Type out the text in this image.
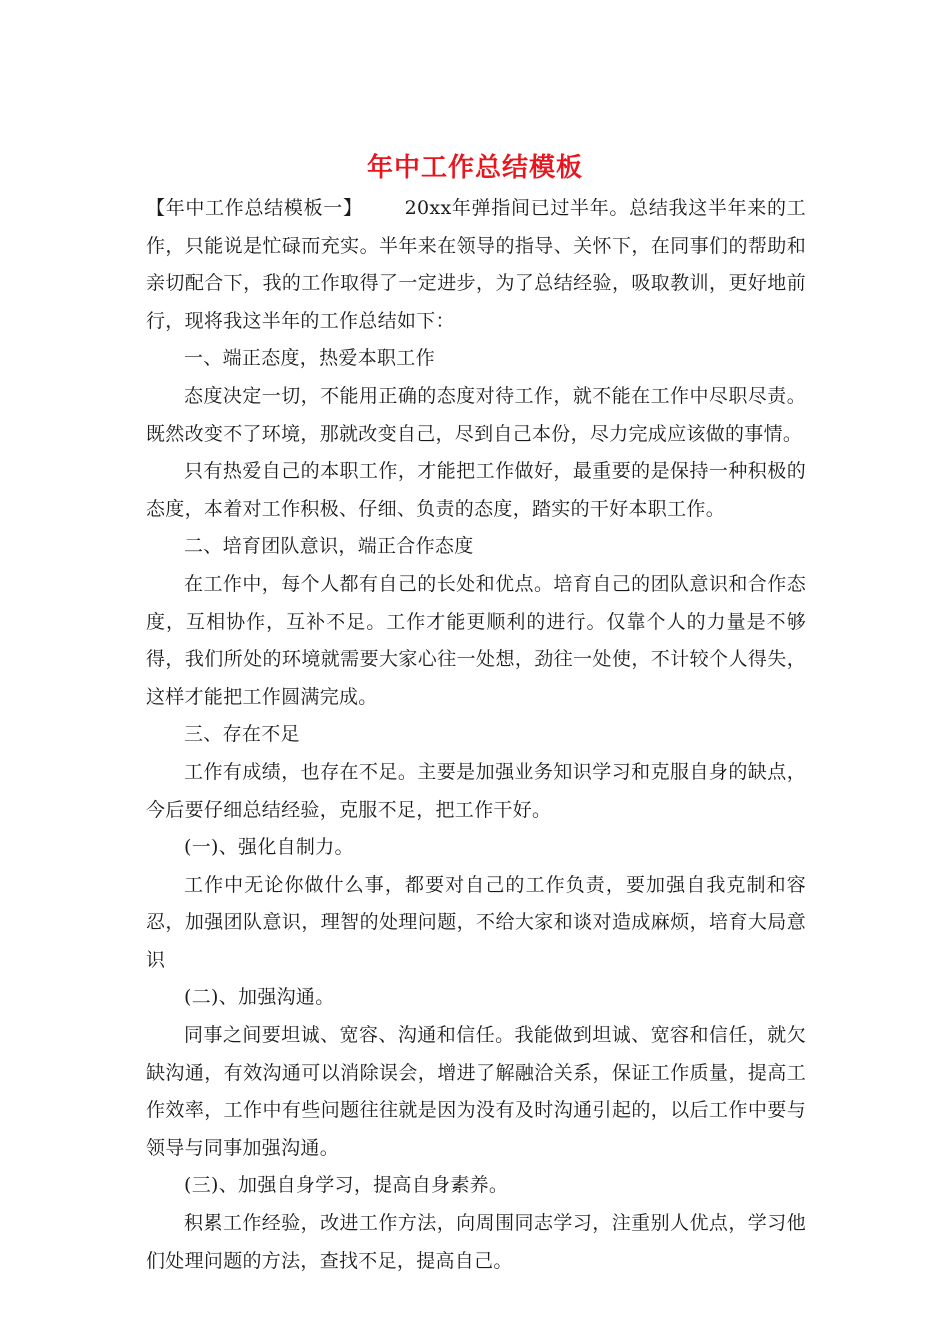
年中工作总结模板

【年中工作总结模板一】 20xx年弹指间已过半年。总结我这半年来的工作，只能说是忙碌而充实。半年来在领导的指导、关怀下，在同事们的帮助和亲切配合下，我的工作取得了一定进步，为了总结经验，吸取教训，更好地前行，现将我这半年的工作总结如下：

一、端正态度，热爱本职工作

态度决定一切，不能用正确的态度对待工作，就不能在工作中尽职尽责。既然改变不了环境，那就改变自己，尽到自己本份，尽力完成应该做的事情。

只有热爱自己的本职工作，才能把工作做好，最重要的是保持一种积极的态度，本着对工作积极、仔细、负责的态度，踏实的干好本职工作。

二、培育团队意识，端正合作态度

在工作中，每个人都有自己的长处和优点。培育自己的团队意识和合作态度，互相协作，互补不足。工作才能更顺利的进行。仅靠个人的力量是不够得，我们所处的环境就需要大家心往一处想，劲往一处使，不计较个人得失，这样才能把工作圆满完成。

三、存在不足

工作有成绩，也存在不足。主要是加强业务知识学习和克服自身的缺点，今后要仔细总结经验，克服不足，把工作干好。

(一)、强化自制力。

工作中无论你做什么事，都要对自己的工作负责，要加强自我克制和容忍，加强团队意识，理智的处理问题，不给大家和谈对造成麻烦，培育大局意识

(二)、加强沟通。

同事之间要坦诚、宽容、沟通和信任。我能做到坦诚、宽容和信任，就欠缺沟通，有效沟通可以消除误会，增进了解融洽关系，保证工作质量，提高工作效率，工作中有些问题往往就是因为没有及时沟通引起的，以后工作中要与领导与同事加强沟通。

(三)、加强自身学习，提高自身素养。

积累工作经验，改进工作方法，向周围同志学习，注重别人优点，学习他们处理问题的方法，查找不足，提高自己。
